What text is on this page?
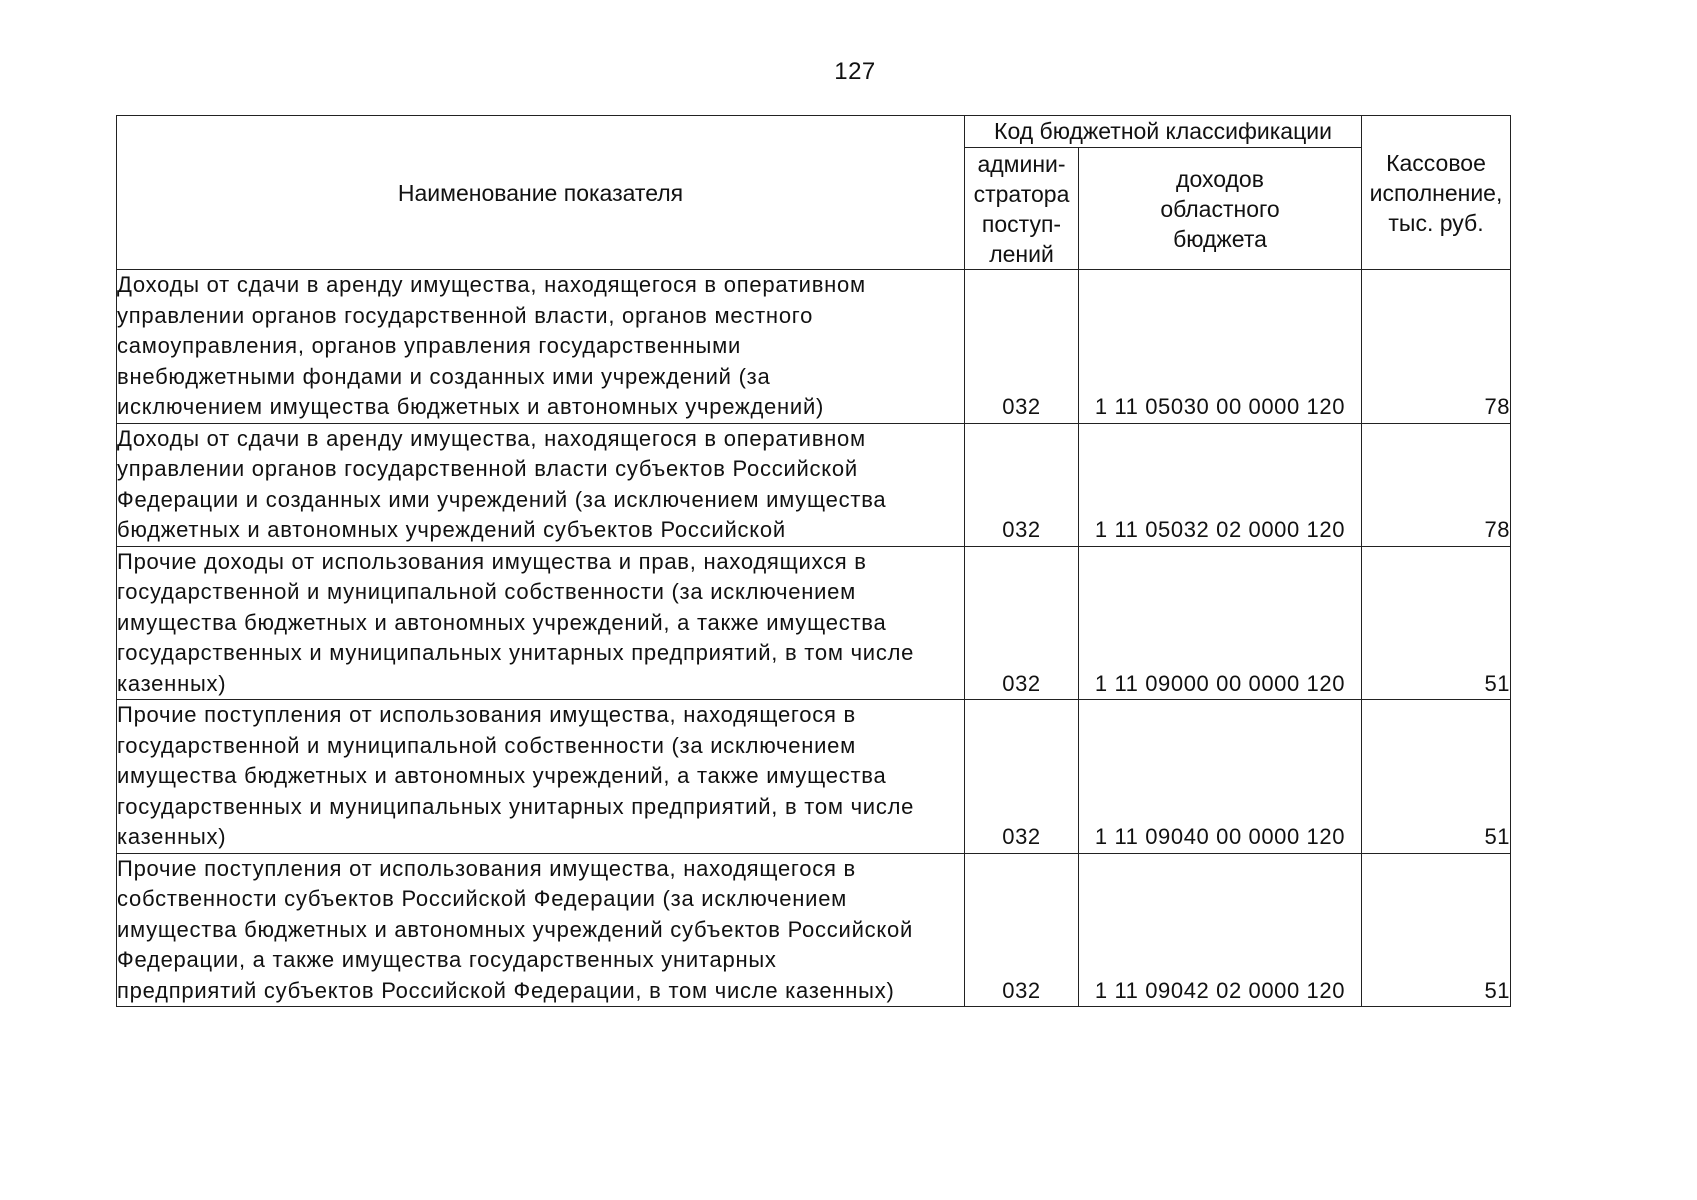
127
Наименование показателя	Код бюджетной классификации		Кассовое
исполнение,
тыс. руб.

	админи-
стратора
поступ-
лений	доходов
областного
бюджета	

Доходы от сдачи в аренду имущества, находящегося в оперативном
управлении органов государственной власти, органов местного
самоуправления, органов управления государственными
внебюджетными фондами и созданных ими учреждений (за
исключением имущества бюджетных и автономных учреждений)	032	1 11 05030 00 0000 120	78

Доходы от сдачи в аренду имущества, находящегося в оперативном
управлении органов государственной власти субъектов Российской
Федерации и созданных ими учреждений (за исключением имущества
бюджетных и автономных учреждений субъектов Российской	032	1 11 05032 02 0000 120	78

Прочие доходы от использования имущества и прав, находящихся в
государственной и муниципальной собственности (за исключением
имущества бюджетных и автономных учреждений, а также имущества
государственных и муниципальных унитарных предприятий, в том числе
казенных)	032	1 11 09000 00 0000 120	51

Прочие поступления от использования имущества, находящегося в
государственной и муниципальной собственности (за исключением
имущества бюджетных и автономных учреждений, а также имущества
государственных и муниципальных унитарных предприятий, в том числе
казенных)	032	1 11 09040 00 0000 120	51

Прочие поступления от использования имущества, находящегося в
собственности субъектов Российской Федерации (за исключением
имущества бюджетных и автономных учреждений субъектов Российской
Федерации, а также имущества государственных унитарных
предприятий субъектов Российской Федерации, в том числе казенных)	032	1 11 09042 02 0000 120	51
